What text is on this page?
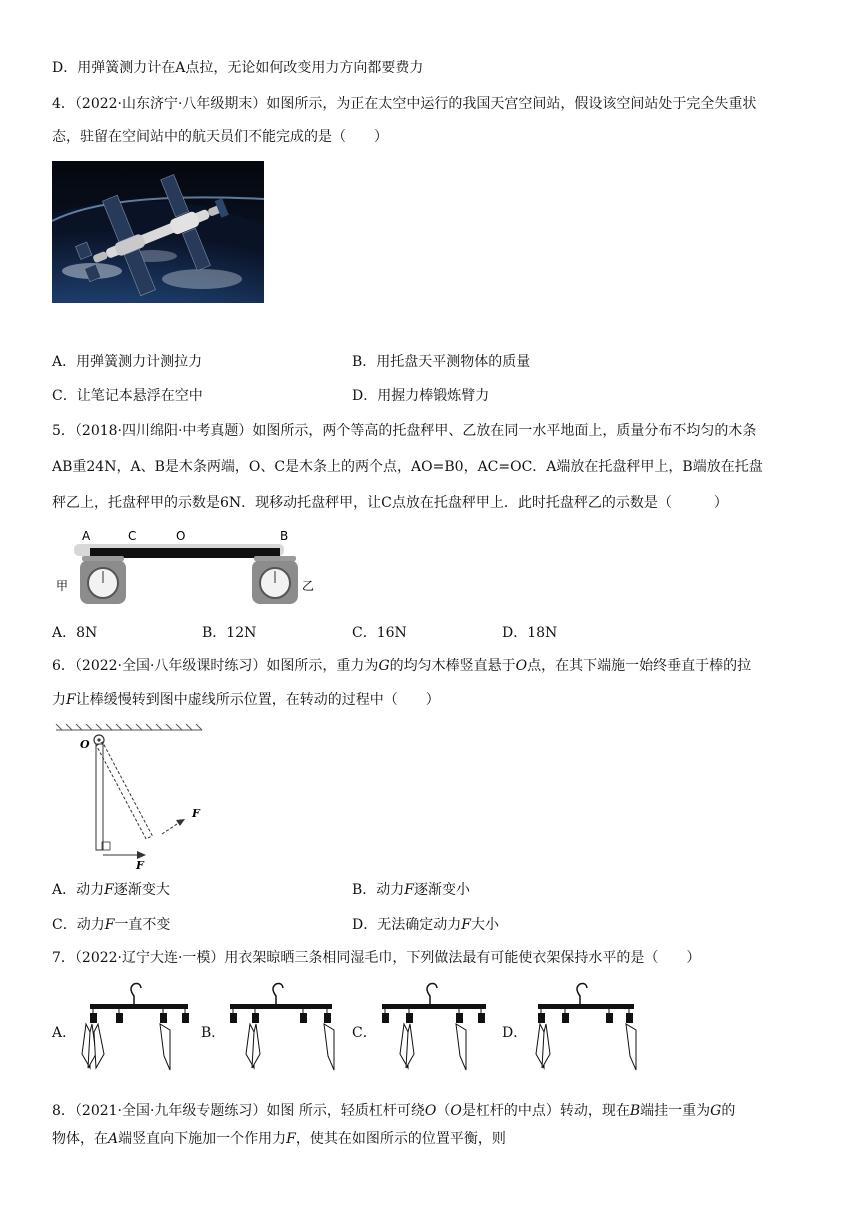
D．用弹簧测力计在A点拉，无论如何改变用力方向都要费力
4．（2022·山东济宁·八年级期末）如图所示，为正在太空中运行的我国天宫空间站，假设该空间站处于完全失重状
态，驻留在空间站中的航天员们不能完成的是（　　）
A．用弹簧测力计测拉力	B．用托盘天平测物体的质量
C．让笔记本悬浮在空中	D．用握力棒锻炼臂力
5．（2018·四川绵阳·中考真题）如图所示，两个等高的托盘秤甲、乙放在同一水平地面上，质量分布不均匀的木条
AB重24N，A、B是木条两端，O、C是木条上的两个点，AO=B0，AC=OC．A端放在托盘秤甲上，B端放在托盘
秤乙上，托盘秤甲的示数是6N．现移动托盘秤甲，让C点放在托盘秤甲上．此时托盘秤乙的示数是（　　　）
A	C	O	B
甲	乙
A．8N	B．12N	C．16N	D．18N
6．（2022·全国·八年级课时练习）如图所示，重力为G的均匀木棒竖直悬于O点，在其下端施一始终垂直于棒的拉
力F让棒缓慢转到图中虚线所示位置，在转动的过程中（　　）
O
F
F
A．动力F逐渐变大	B．动力F逐渐变小
C．动力F一直不变	D．无法确定动力F大小
7．（2022·辽宁大连·一模）用衣架晾晒三条相同湿毛巾，下列做法最有可能使衣架保持水平的是（　　）
A．	B．	C．	D．
8．（2021·全国·九年级专题练习）如图 所示，轻质杠杆可绕O（O是杠杆的中点）转动，现在B端挂一重为G的
物体，在A端竖直向下施加一个作用力F，使其在如图所示的位置平衡，则
